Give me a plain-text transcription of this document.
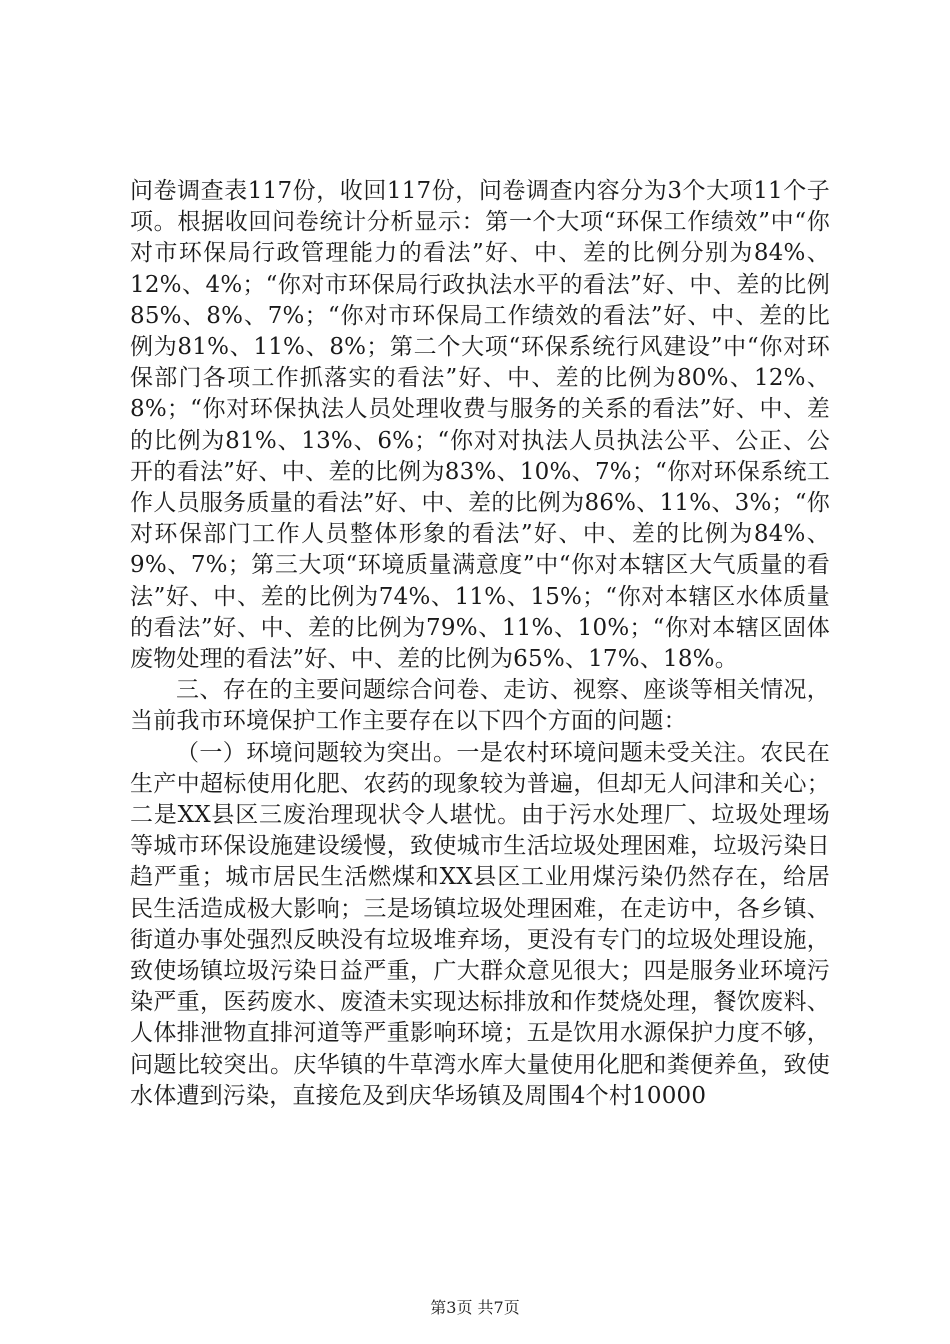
问卷调查表117份，收回117份，问卷调查内容分为3个大项11个子项。根据收回问卷统计分析显示：第一个大项“环保工作绩效”中“你对市环保局行政管理能力的看法”好、中、差的比例分别为84%、12%、4%；“你对市环保局行政执法水平的看法”好、中、差的比例85%、8%、7%；“你对市环保局工作绩效的看法”好、中、差的比例为81%、11%、8%；第二个大项“环保系统行风建设”中“你对环保部门各项工作抓落实的看法”好、中、差的比例为80%、12%、8%；“你对环保执法人员处理收费与服务的关系的看法”好、中、差的比例为81%、13%、6%；“你对对执法人员执法公平、公正、公开的看法”好、中、差的比例为83%、10%、7%；“你对环保系统工作人员服务质量的看法”好、中、差的比例为86%、11%、3%；“你对环保部门工作人员整体形象的看法”好、中、差的比例为84%、9%、7%；第三大项“环境质量满意度”中“你对本辖区大气质量的看法”好、中、差的比例为74%、11%、15%；“你对本辖区水体质量的看法”好、中、差的比例为79%、11%、10%；“你对本辖区固体废物处理的看法”好、中、差的比例为65%、17%、18%。

三、存在的主要问题综合问卷、走访、视察、座谈等相关情况，当前我市环境保护工作主要存在以下四个方面的问题：

（一）环境问题较为突出。一是农村环境问题未受关注。农民在生产中超标使用化肥、农药的现象较为普遍，但却无人问津和关心；二是XX县区三废治理现状令人堪忧。由于污水处理厂、垃圾处理场等城市环保设施建设缓慢，致使城市生活垃圾处理困难，垃圾污染日趋严重；城市居民生活燃煤和XX县区工业用煤污染仍然存在，给居民生活造成极大影响；三是场镇垃圾处理困难，在走访中，各乡镇、街道办事处强烈反映没有垃圾堆弃场，更没有专门的垃圾处理设施，致使场镇垃圾污染日益严重，广大群众意见很大；四是服务业环境污染严重，医药废水、废渣未实现达标排放和作焚烧处理，餐饮废料、人体排泄物直排河道等严重影响环境；五是饮用水源保护力度不够，问题比较突出。庆华镇的牛草湾水库大量使用化肥和粪便养鱼，致使水体遭到污染，直接危及到庆华场镇及周围4个村10000

第3页 共7页
